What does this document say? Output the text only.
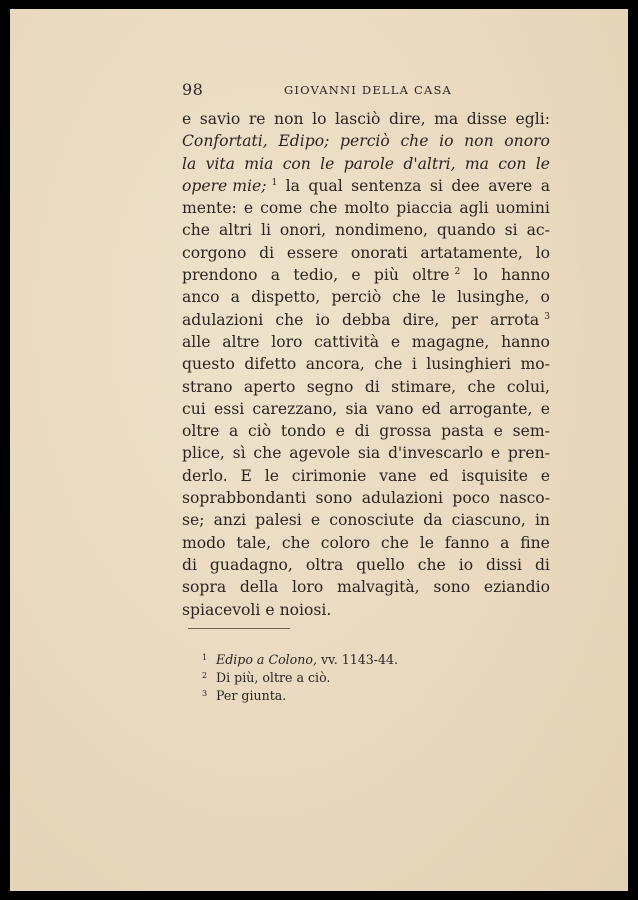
98	GIOVANNI DELLA CASA
e savio re non lo lasciò dire, ma disse egli:
Confortati, Edipo; perciò che io non onoro
la vita mia con le parole d'altri, ma con le
opere mie; $^1$ la qual sentenza si dee avere a
mente: e come che molto piaccia agli uomini
che altri li onori, nondimeno, quando si ac-
corgono di essere onorati artatamente, lo
prendono a tedio, e più oltre $^2$ lo hanno
anco a dispetto, perciò che le lusinghe, o
adulazioni che io debba dire, per arrota $^3$
alle altre loro cattività e magagne, hanno
questo difetto ancora, che i lusinghieri mo-
strano aperto segno di stimare, che colui,
cui essi carezzano, sia vano ed arrogante, e
oltre a ciò tondo e di grossa pasta e sem-
plice, sì che agevole sia d'invescarlo e pren-
derlo. E le cirimonie vane ed isquisite e
soprabbondanti sono adulazioni poco nasco-
se; anzi palesi e conosciute da ciascuno, in
modo tale, che coloro che le fanno a fine
di guadagno, oltra quello che io dissi di
sopra della loro malvagità, sono eziandio
spiacevoli
e
noiosi.
1 Edipo a Colono, vv. 1143-44.
2 Di più, oltre a ciò.
3 Per giunta.
